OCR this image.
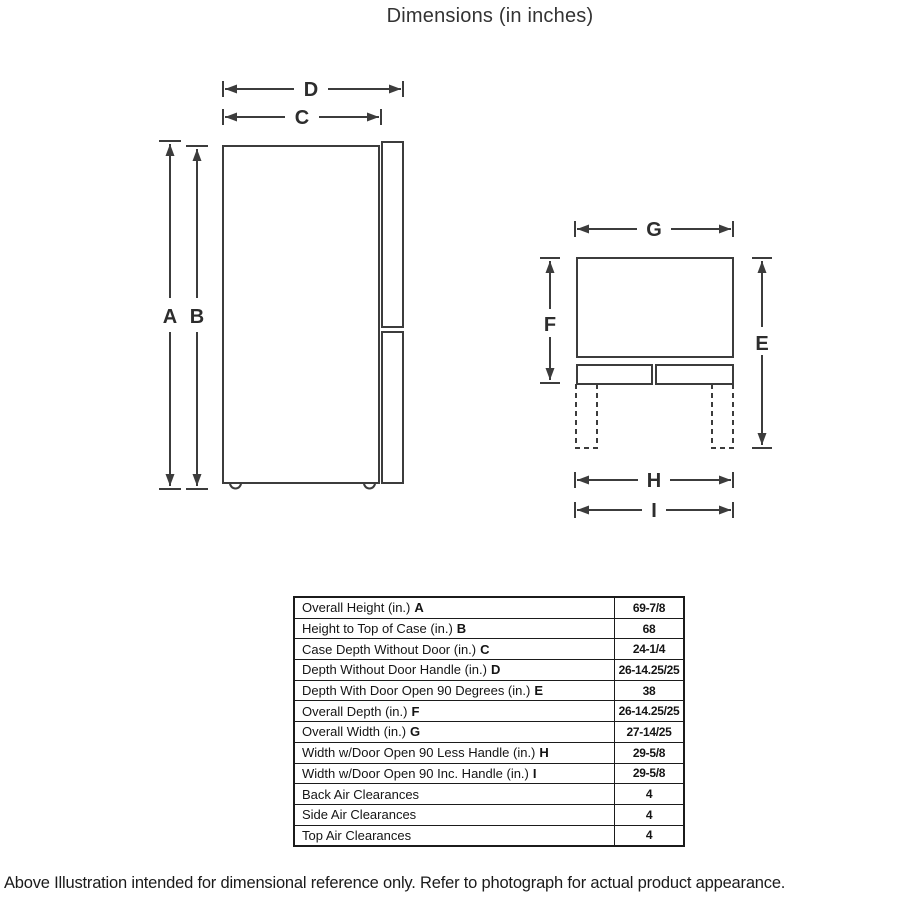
Dimensions (in inches)
D
C
A B
G
F
E
H
I
Overall Height (in.) A	69-7/8
Height to Top of Case (in.) B	68
Case Depth Without Door (in.) C	24-1/4
Depth Without Door Handle (in.) D	26-14.25/25
Depth With Door Open 90 Degrees (in.) E	38
Overall Depth (in.) F	26-14.25/25
Overall Width (in.) G	27-14/25
Width w/Door Open 90 Less Handle (in.) H	29-5/8
Width w/Door Open 90 Inc. Handle (in.) I	29-5/8
Back Air Clearances	4
Side Air Clearances	4
Top Air Clearances	4
Above Illustration intended for dimensional reference only. Refer to photograph for actual product appearance.
